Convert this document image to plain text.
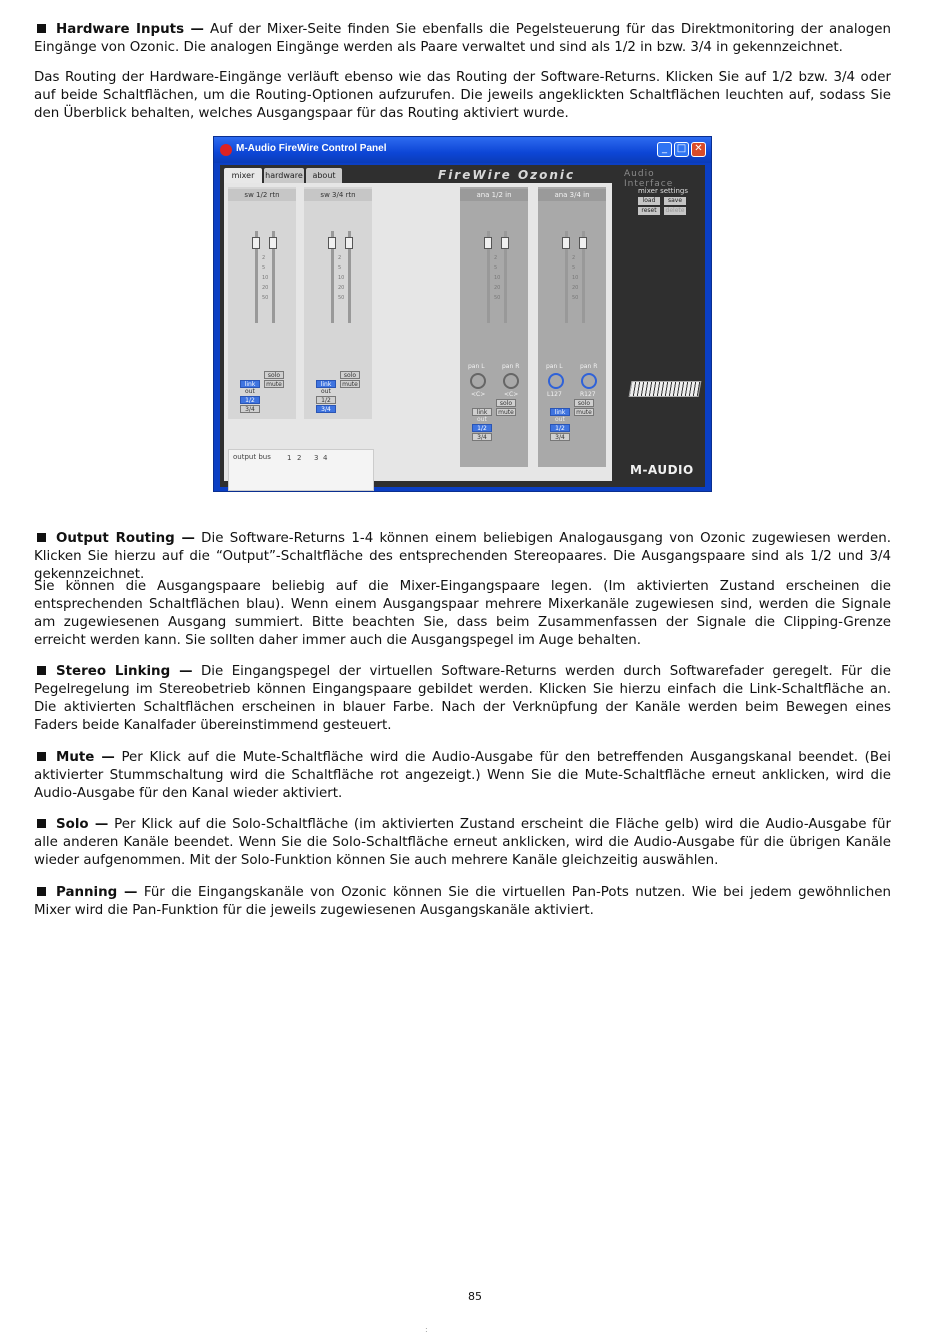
Hardware Inputs — Auf der Mixer-Seite finden Sie ebenfalls die Pegelsteuerung für das Direktmonitoring der analogen Eingänge von Ozonic. Die analogen Eingänge werden als Paare verwaltet und sind als 1/2 in bzw. 3/4 in gekennzeichnet.

Das Routing der Hardware-Eingänge verläuft ebenso wie das Routing der Software-Returns. Klicken Sie auf 1/2 bzw. 3/4 oder auf beide Schaltflächen, um die Routing-Optionen aufzurufen. Die jeweils angeklickten Schaltflächen leuchten auf, sodass Sie den Überblick behalten, welches Ausgangspaar für das Routing aktiviert wurde.

M-Audio FireWire Control Panel	_ □ ✕
mixer	hardware	about	FireWire Ozonic	Audio Interface
sw 1/2 rtn
2
5
10
20
50
solo
link	mute
out
1/2
3/4
sw 3/4 rtn
2
5
10
20
50
solo
link	mute
out
1/2
3/4
output bus 1 2 3 4
ana 1/2 in
2
5
10
20
50
pan L	pan R
<C>	<C>
solo
link	mute
out
1/2
3/4
ana 3/4 in
2
5
10
20
50
pan L	pan R
L127	R127
solo
link	mute
out
1/2
3/4
mixer settings
load	save
reset	delete
M-AUDIO

Output Routing — Die Software-Returns 1-4 können einem beliebigen Analogausgang von Ozonic zugewiesen werden. Klicken Sie hierzu auf die “Output”-Schaltfläche des entsprechenden Stereopaares. Die Ausgangspaare sind als 1/2 und 3/4 gekennzeichnet.

Sie können die Ausgangspaare beliebig auf die Mixer-Eingangspaare legen. (Im aktivierten Zustand erscheinen die entsprechenden Schaltflächen blau). Wenn einem Ausgangspaar mehrere Mixerkanäle zugewiesen sind, werden die Signale am zugewiesenen Ausgang summiert. Bitte beachten Sie, dass beim Zusammenfassen der Signale die Clipping-Grenze erreicht werden kann. Sie sollten daher immer auch die Ausgangspegel im Auge behalten.

Stereo Linking — Die Eingangspegel der virtuellen Software-Returns werden durch Softwarefader geregelt. Für die Pegelregelung im Stereobetrieb können Eingangspaare gebildet werden. Klicken Sie hierzu einfach die Link-Schaltfläche an. Die aktivierten Schaltflächen erscheinen in blauer Farbe. Nach der Verknüpfung der Kanäle werden beim Bewegen eines Faders beide Kanalfader übereinstimmend gesteuert.

Mute — Per Klick auf die Mute-Schaltfläche wird die Audio-Ausgabe für den betreffenden Ausgangskanal beendet. (Bei aktivierter Stummschaltung wird die Schaltfläche rot angezeigt.) Wenn Sie die Mute-Schaltfläche erneut anklicken, wird die Audio-Ausgabe für den Kanal wieder aktiviert.

Solo — Per Klick auf die Solo-Schaltfläche (im aktivierten Zustand erscheint die Fläche gelb) wird die Audio-Ausgabe für alle anderen Kanäle beendet. Wenn Sie die Solo-Schaltfläche erneut anklicken, wird die Audio-Ausgabe für die übrigen Kanäle wieder aufgenommen. Mit der Solo-Funktion können Sie auch mehrere Kanäle gleichzeitig auswählen.

Panning — Für die Eingangskanäle von Ozonic können Sie die virtuellen Pan-Pots nutzen. Wie bei jedem gewöhnlichen Mixer wird die Pan-Funktion für die jeweils zugewiesenen Ausgangskanäle aktiviert.

85
:
